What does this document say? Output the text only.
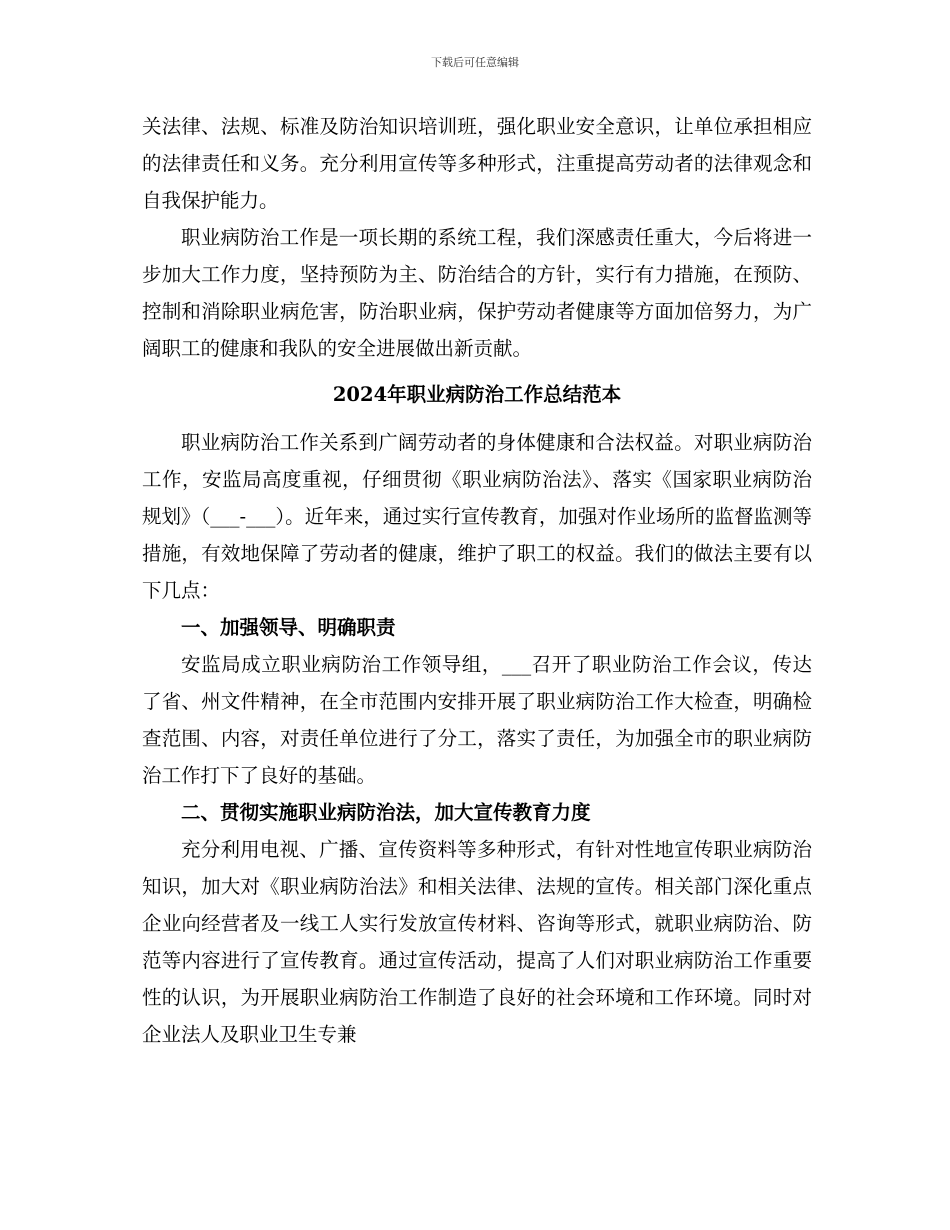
下载后可任意编辑

关法律、法规、标准及防治知识培训班，强化职业安全意识，让单位承担相应的法律责任和义务。充分利用宣传等多种形式，注重提高劳动者的法律观念和自我保护能力。

职业病防治工作是一项长期的系统工程，我们深感责任重大，今后将进一步加大工作力度，坚持预防为主、防治结合的方针，实行有力措施，在预防、控制和消除职业病危害，防治职业病，保护劳动者健康等方面加倍努力，为广阔职工的健康和我队的安全进展做出新贡献。

2024年职业病防治工作总结范本

职业病防治工作关系到广阔劳动者的身体健康和合法权益。对职业病防治工作，安监局高度重视，仔细贯彻《职业病防治法》、落实《国家职业病防治规划》（___-___）。近年来，通过实行宣传教育，加强对作业场所的监督监测等措施，有效地保障了劳动者的健康，维护了职工的权益。我们的做法主要有以下几点：

一、加强领导、明确职责

安监局成立职业病防治工作领导组，___召开了职业防治工作会议，传达了省、州文件精神，在全市范围内安排开展了职业病防治工作大检查，明确检查范围、内容，对责任单位进行了分工，落实了责任，为加强全市的职业病防治工作打下了良好的基础。

二、贯彻实施职业病防治法，加大宣传教育力度

充分利用电视、广播、宣传资料等多种形式，有针对性地宣传职业病防治知识，加大对《职业病防治法》和相关法律、法规的宣传。相关部门深化重点企业向经营者及一线工人实行发放宣传材料、咨询等形式，就职业病防治、防范等内容进行了宣传教育。通过宣传活动，提高了人们对职业病防治工作重要性的认识，为开展职业病防治工作制造了良好的社会环境和工作环境。同时对企业法人及职业卫生专兼
